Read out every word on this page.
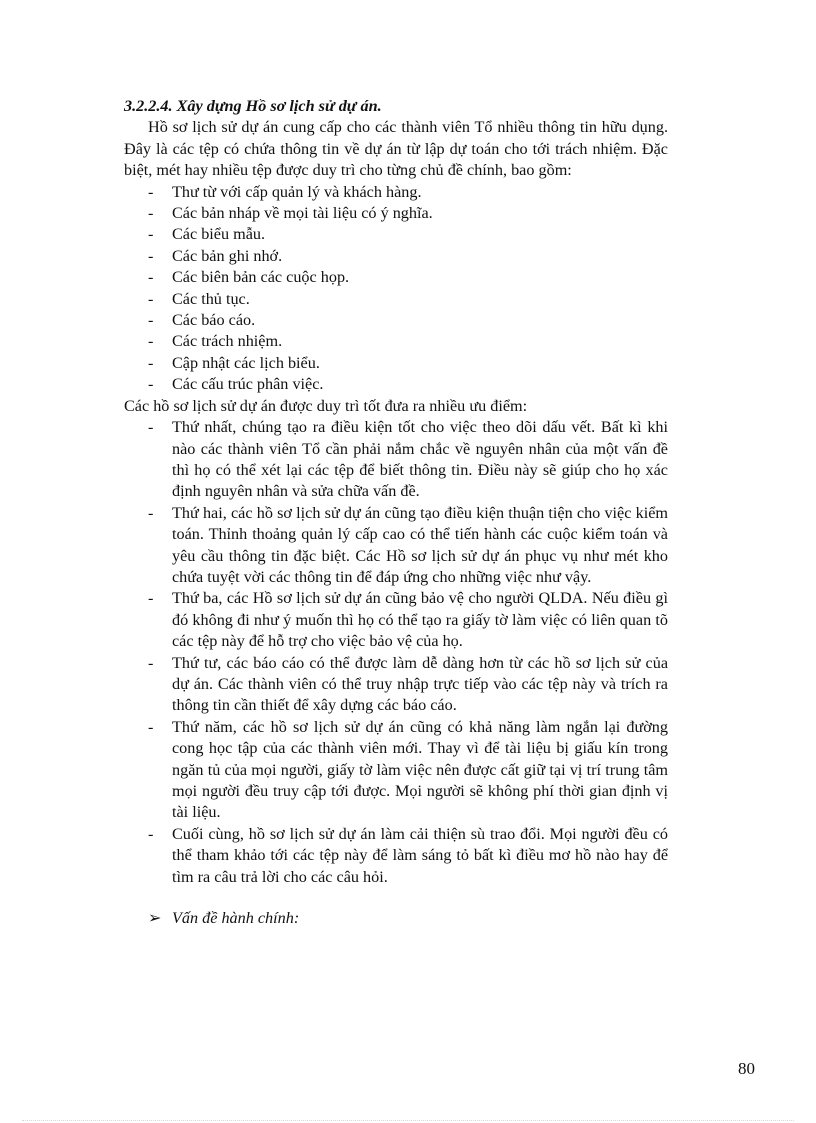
3.2.2.4. Xây dựng Hồ sơ lịch sử dự án.

Hồ sơ lịch sử dự án cung cấp cho các thành viên Tổ nhiều thông tin hữu dụng. Đây là các tệp có chứa thông tin về dự án từ lập dự toán cho tới trách nhiệm. Đặc biệt, mét hay nhiều tệp được duy trì cho từng chủ đề chính, bao gồm:

- Thư từ với cấp quản lý và khách hàng.
- Các bản nháp về mọi tài liệu có ý nghĩa.
- Các biểu mẫu.
- Các bản ghi nhớ.
- Các biên bản các cuộc họp.
- Các thủ tục.
- Các báo cáo.
- Các trách nhiệm.
- Cập nhật các lịch biểu.
- Các cấu trúc phân việc.

Các hồ sơ lịch sử dự án được duy trì tốt đưa ra nhiều ưu điểm:

- Thứ nhất, chúng tạo ra điều kiện tốt cho việc theo dõi dấu vết. Bất kì khi nào các thành viên Tổ cần phải nắm chắc về nguyên nhân của một vấn đề thì họ có thể xét lại các tệp để biết thông tin. Điều này sẽ giúp cho họ xác định nguyên nhân và sửa chữa vấn đề.
- Thứ hai, các hồ sơ lịch sử dự án cũng tạo điều kiện thuận tiện cho việc kiểm toán. Thỉnh thoảng quản lý cấp cao có thể tiến hành các cuộc kiểm toán và yêu cầu thông tin đặc biệt. Các Hồ sơ lịch sử dự án phục vụ như mét kho chứa tuyệt vời các thông tin để đáp ứng cho những việc như vậy.
- Thứ ba, các Hồ sơ lịch sử dự án cũng bảo vệ cho người QLDA. Nếu điều gì đó không đi như ý muốn thì họ có thể tạo ra giấy tờ làm việc có liên quan tõ các tệp này để hỗ trợ cho việc bảo vệ của họ.
- Thứ tư, các báo cáo có thể được làm dễ dàng hơn từ các hồ sơ lịch sử của dự án. Các thành viên có thể truy nhập trực tiếp vào các tệp này và trích ra thông tin cần thiết để xây dựng các báo cáo.
- Thứ năm, các hồ sơ lịch sử dự án cũng có khả năng làm ngắn lại đường cong học tập của các thành viên mới. Thay vì để tài liệu bị giấu kín trong ngăn tủ của mọi người, giấy tờ làm việc nên được cất giữ tại vị trí trung tâm mọi người đều truy cập tới được. Mọi người sẽ không phí thời gian định vị tài liệu.
- Cuối cùng, hồ sơ lịch sử dự án làm cải thiện sù trao đổi. Mọi người đều có thể tham khảo tới các tệp này để làm sáng tỏ bất kì điều mơ hồ nào hay để tìm ra câu trả lời cho các câu hỏi.
➢ Vấn đề hành chính:
80
